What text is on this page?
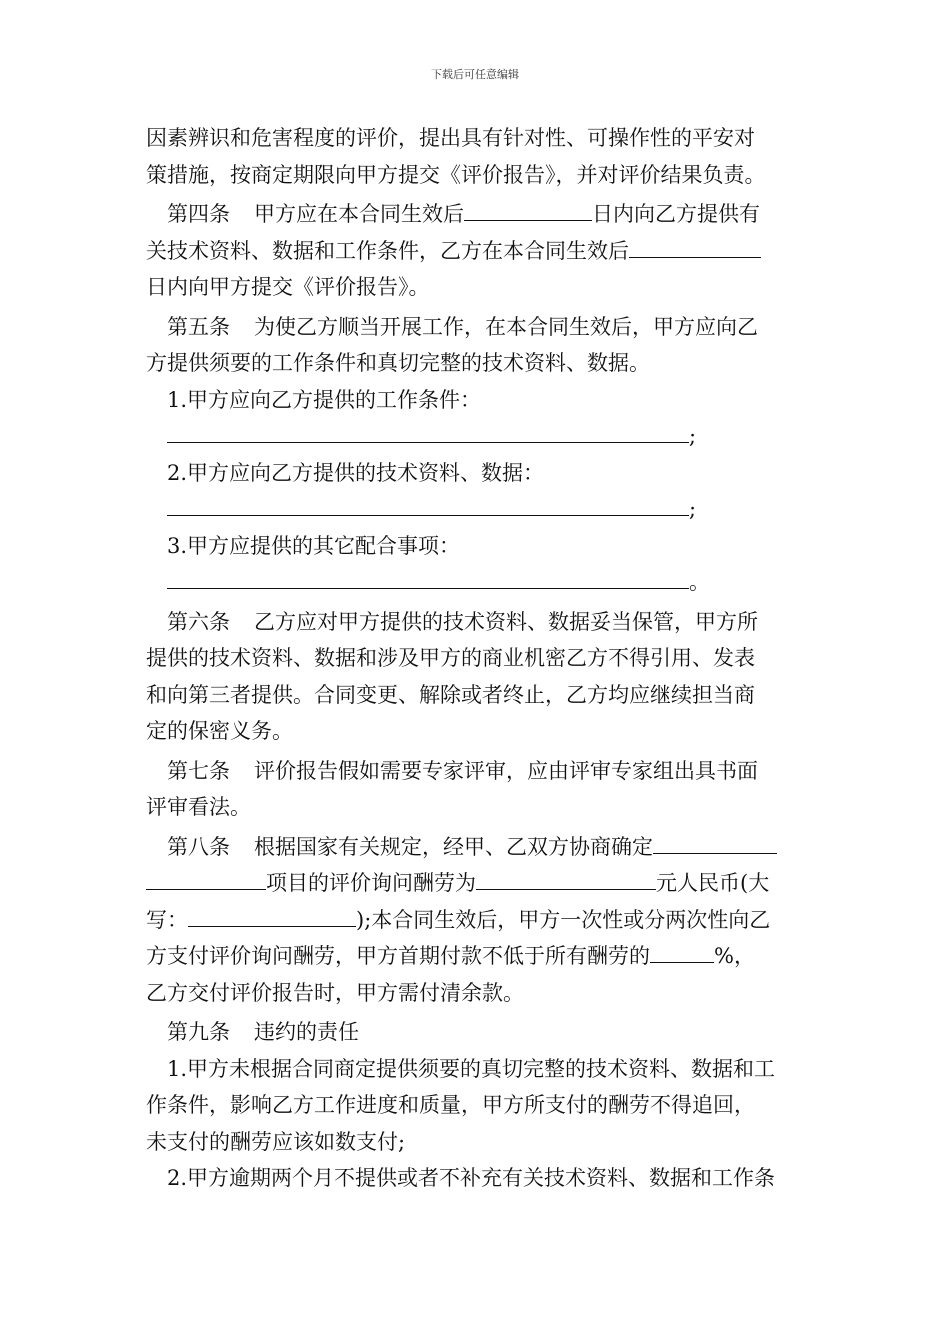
下载后可任意编辑
因素辨识和危害程度的评价，提出具有针对性、可操作性的平安对
策措施，按商定期限向甲方提交《评价报告》，并对评价结果负责。
第四条 甲方应在本合同生效后	日内向乙方提供有
关技术资料、数据和工作条件，乙方在本合同生效后
日内向甲方提交《评价报告》。
第五条 为使乙方顺当开展工作，在本合同生效后，甲方应向乙
方提供须要的工作条件和真切完整的技术资料、数据。
1.甲方应向乙方提供的工作条件：
;
2.甲方应向乙方提供的技术资料、数据：
;
3.甲方应提供的其它配合事项：
。
第六条 乙方应对甲方提供的技术资料、数据妥当保管，甲方所
提供的技术资料、数据和涉及甲方的商业机密乙方不得引用、发表
和向第三者提供。合同变更、解除或者终止，乙方均应继续担当商
定的保密义务。
第七条 评价报告假如需要专家评审，应由评审专家组出具书面
评审看法。
第八条 根据国家有关规定，经甲、乙双方协商确定
项目的评价询问酬劳为	元人民币(大
写：	);本合同生效后，甲方一次性或分两次性向乙
方支付评价询问酬劳，甲方首期付款不低于所有酬劳的	%，
乙方交付评价报告时，甲方需付清余款。
第九条 违约的责任
1.甲方未根据合同商定提供须要的真切完整的技术资料、数据和工
作条件，影响乙方工作进度和质量，甲方所支付的酬劳不得追回，
未支付的酬劳应该如数支付;
2.甲方逾期两个月不提供或者不补充有关技术资料、数据和工作条
